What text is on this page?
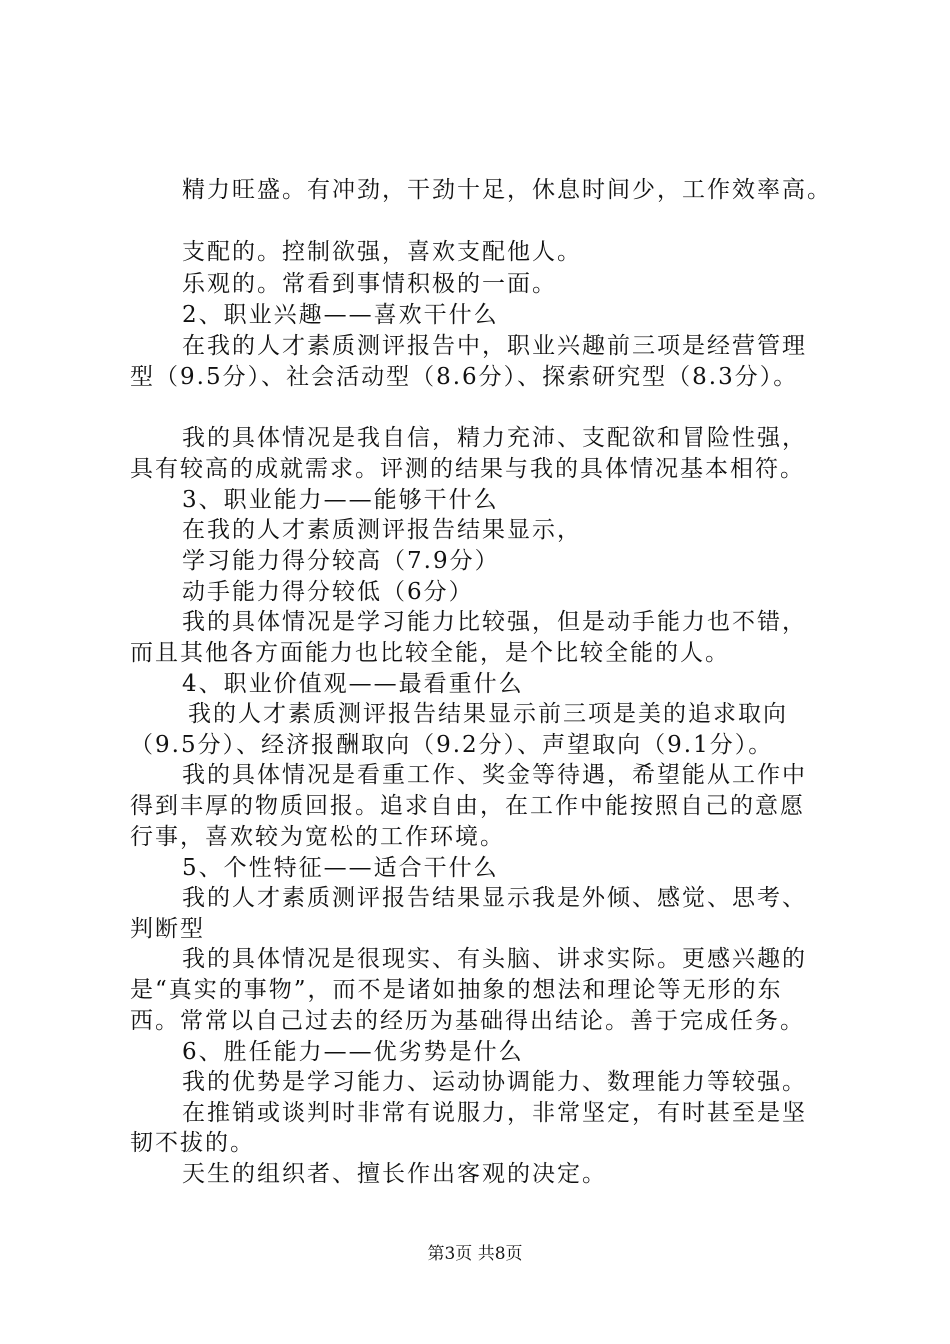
精力旺盛。有冲劲，干劲十足，休息时间少，工作效率高。
支配的。控制欲强，喜欢支配他人。
乐观的。常看到事情积极的一面。
2、职业兴趣——喜欢干什么
在我的人才素质测评报告中，职业兴趣前三项是经营管理
型（9.5分）、社会活动型（8.6分）、探索研究型（8.3分）。
我的具体情况是我自信，精力充沛、支配欲和冒险性强，
具有较高的成就需求。评测的结果与我的具体情况基本相符。
3、职业能力——能够干什么
在我的人才素质测评报告结果显示，
学习能力得分较高（7.9分）
动手能力得分较低（6分）
我的具体情况是学习能力比较强，但是动手能力也不错，
而且其他各方面能力也比较全能，是个比较全能的人。
4、职业价值观——最看重什么
我的人才素质测评报告结果显示前三项是美的追求取向
（9.5分）、经济报酬取向（9.2分）、声望取向（9.1分）。
我的具体情况是看重工作、奖金等待遇，希望能从工作中
得到丰厚的物质回报。追求自由，在工作中能按照自己的意愿
行事，喜欢较为宽松的工作环境。
5、个性特征——适合干什么
我的人才素质测评报告结果显示我是外倾、感觉、思考、
判断型
我的具体情况是很现实、有头脑、讲求实际。更感兴趣的
是“真实的事物”，而不是诸如抽象的想法和理论等无形的东
西。常常以自己过去的经历为基础得出结论。善于完成任务。
6、胜任能力——优劣势是什么
我的优势是学习能力、运动协调能力、数理能力等较强。
在推销或谈判时非常有说服力，非常坚定，有时甚至是坚
韧不拔的。
天生的组织者、擅长作出客观的决定。
第3页 共8页
